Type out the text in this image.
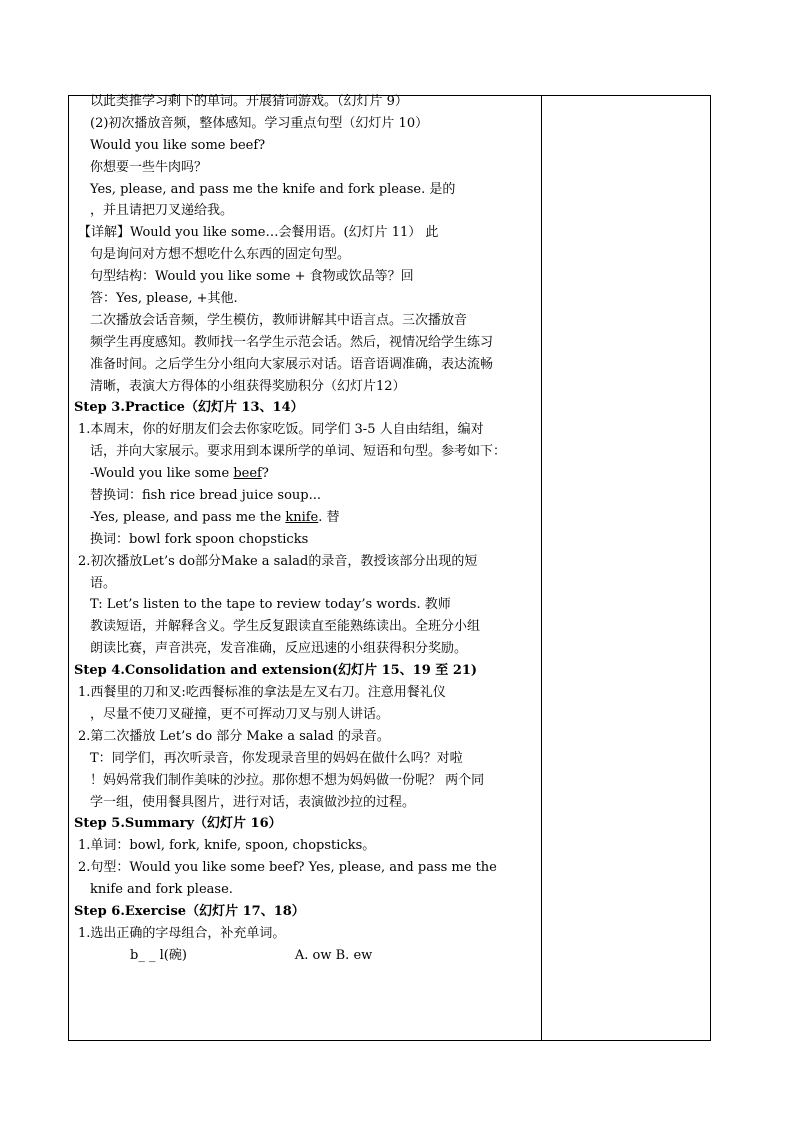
以此类推学习剩下的单词。开展猜词游戏。（幻灯片 9）
(2)初次播放音频，整体感知。学习重点句型（幻灯片 10）
Would you like some beef?
你想要一些牛肉吗？
Yes, please, and pass me the knife and fork please. 是的
，并且请把刀叉递给我。
【详解】Would you like some…会餐用语。(幻灯片 11） 此
句是询问对方想不想吃什么东西的固定句型。
句型结构：Would you like some + 食物或饮品等？回
答：Yes, please, +其他.
二次播放会话音频，学生模仿，教师讲解其中语言点。三次播放音
频学生再度感知。教师找一名学生示范会话。然后，视情况给学生练习
准备时间。之后学生分小组向大家展示对话。语音语调准确，表达流畅
清晰，表演大方得体的小组获得奖励积分（幻灯片12）
Step 3.Practice（幻灯片 13、14）
1.本周末，你的好朋友们会去你家吃饭。同学们 3-5 人自由结组，编对
话，并向大家展示。要求用到本课所学的单词、短语和句型。参考如下：
-Would you like some beef?
替换词：fish rice bread juice soup...
-Yes, please, and pass me the knife. 替
换词：bowl fork spoon chopsticks
2.初次播放Let’s do部分Make a salad的录音，教授该部分出现的短
语。
T: Let’s listen to the tape to review today’s words. 教师
教读短语，并解释含义。学生反复跟读直至能熟练读出。全班分小组
朗读比赛，声音洪亮，发音准确，反应迅速的小组获得积分奖励。
Step 4.Consolidation and extension(幻灯片 15、19 至 21)
1.西餐里的刀和叉:吃西餐标准的拿法是左叉右刀。注意用餐礼仪
，尽量不使刀叉碰撞，更不可挥动刀叉与别人讲话。
2.第二次播放 Let’s do 部分 Make a salad 的录音。
T：同学们，再次听录音，你发现录音里的妈妈在做什么吗？对啦
！妈妈常我们制作美味的沙拉。那你想不想为妈妈做一份呢？ 两个同
学一组，使用餐具图片，进行对话，表演做沙拉的过程。
Step 5.Summary（幻灯片 16）
1.单词：bowl, fork, knife, spoon, chopsticks。
2.句型：Would you like some beef? Yes, please, and pass me the
knife and fork please.
Step 6.Exercise（幻灯片 17、18）
1.选出正确的字母组合，补充单词。
b_ _ l(碗)	A. ow B. ew
